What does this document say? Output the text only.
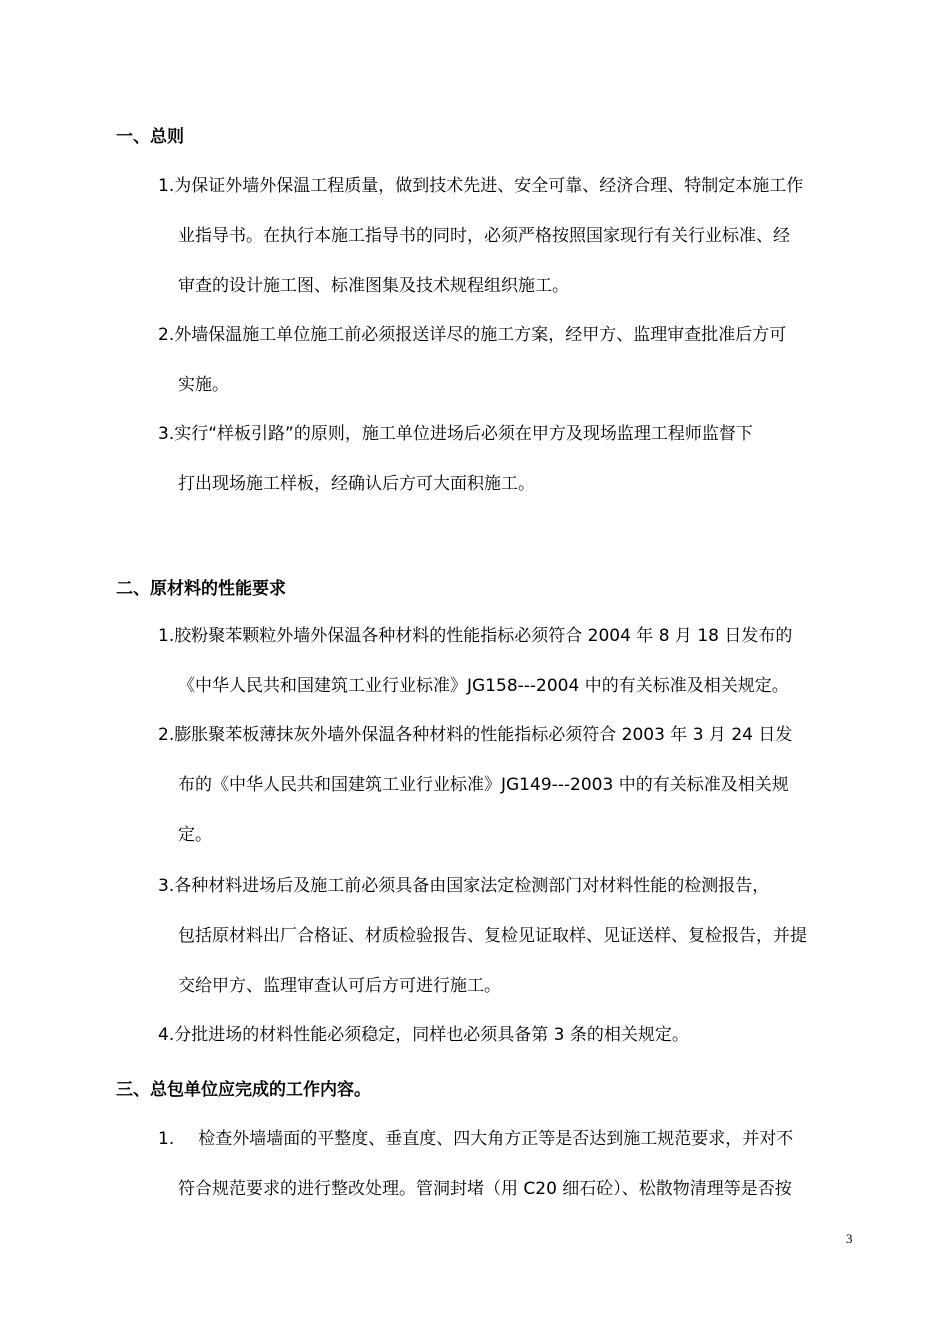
一、总则
1.为保证外墙外保温工程质量，做到技术先进、安全可靠、经济合理、特制定本施工作
业指导书。在执行本施工指导书的同时，必须严格按照国家现行有关行业标准、经
审查的设计施工图、标准图集及技术规程组织施工。
2.外墙保温施工单位施工前必须报送详尽的施工方案，经甲方、监理审查批准后方可
实施。
3.实行“样板引路”的原则，施工单位进场后必须在甲方及现场监理工程师监督下
打出现场施工样板，经确认后方可大面积施工。
二、原材料的性能要求
1.胶粉聚苯颗粒外墙外保温各种材料的性能指标必须符合 2004 年 8 月 18 日发布的
《中华人民共和国建筑工业行业标准》JG158---2004 中的有关标准及相关规定。
2.膨胀聚苯板薄抹灰外墙外保温各种材料的性能指标必须符合 2003 年 3 月 24 日发
布的《中华人民共和国建筑工业行业标准》JG149---2003 中的有关标准及相关规
定。
3.各种材料进场后及施工前必须具备由国家法定检测部门对材料性能的检测报告，
包括原材料出厂合格证、材质检验报告、复检见证取样、见证送样、复检报告，并提
交给甲方、监理审查认可后方可进行施工。
4.分批进场的材料性能必须稳定，同样也必须具备第 3 条的相关规定。
三、总包单位应完成的工作内容。
1. 检查外墙墙面的平整度、垂直度、四大角方正等是否达到施工规范要求，并对不
符合规范要求的进行整改处理。管洞封堵（用 C20 细石砼）、松散物清理等是否按
3
